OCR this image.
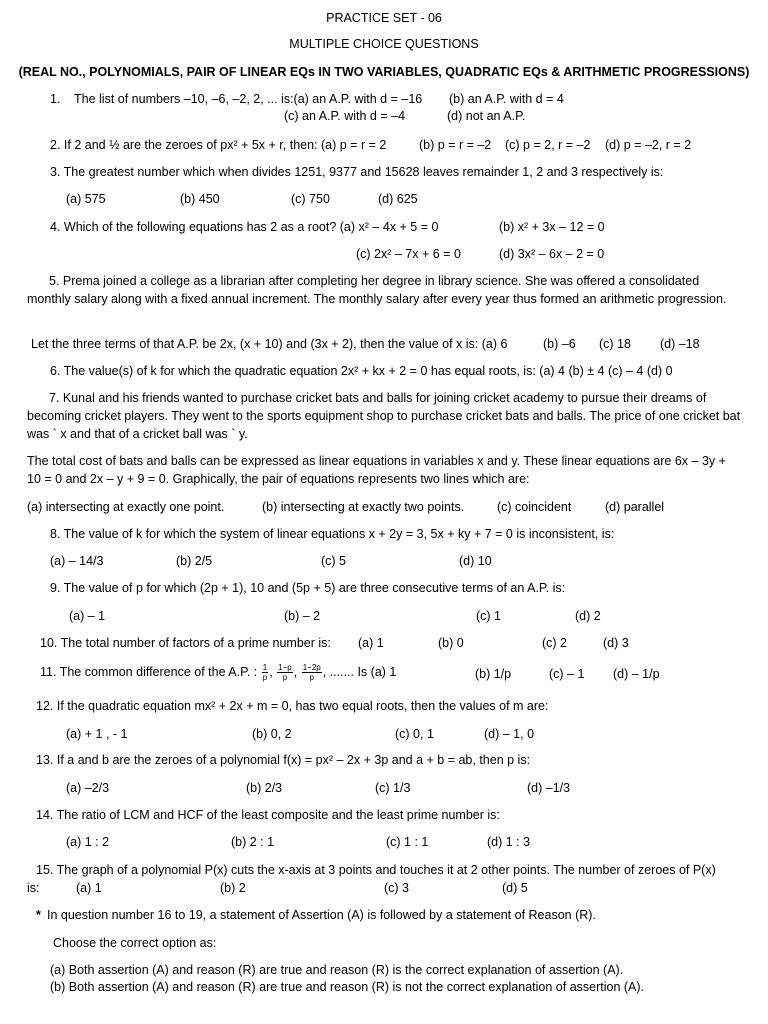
PRACTICE SET - 06
MULTIPLE CHOICE QUESTIONS
(REAL NO., POLYNOMIALS, PAIR OF LINEAR EQs IN TWO VARIABLES, QUADRATIC EQs & ARITHMETIC PROGRESSIONS)
1. The list of numbers –10, –6, –2, 2, ... is:(a) an A.P. with d = –16 (b) an A.P. with d = 4
(c) an A.P. with d = –4	(d) not an A.P.
2. If 2 and ½ are the zeroes of px² + 5x + r, then: (a) p = r = 2	(b) p = r = –2 (c) p = 2, r = –2 (d) p = –2, r = 2
3. The greatest number which when divides 1251, 9377 and 15628 leaves remainder 1, 2 and 3 respectively is:
(a) 575	(b) 450	(c) 750	(d) 625
4. Which of the following equations has 2 as a root? (a) x² – 4x + 5 = 0	(b) x² + 3x – 12 = 0
(c) 2x² – 7x + 6 = 0	(d) 3x² – 6x – 2 = 0
5. Prema joined a college as a librarian after completing her degree in library science. She was offered a consolidated monthly salary along with a fixed annual increment. The monthly salary after every year thus formed an arithmetic progression.
Let the three terms of that A.P. be 2x, (x + 10) and (3x + 2), then the value of x is: (a) 6	(b) –6 (c) 18 (d) –18
6. The value(s) of k for which the quadratic equation 2x² + kx + 2 = 0 has equal roots, is: (a) 4 (b) ± 4 (c) – 4 (d) 0
7. Kunal and his friends wanted to purchase cricket bats and balls for joining cricket academy to pursue their dreams of becoming cricket players. They went to the sports equipment shop to purchase cricket bats and balls. The price of one cricket bat was ` x and that of a cricket ball was ` y.
The total cost of bats and balls can be expressed as linear equations in variables x and y. These linear equations are 6x – 3y + 10 = 0 and 2x – y + 9 = 0. Graphically, the pair of equations represents two lines which are:
(a) intersecting at exactly one point.	(b) intersecting at exactly two points.	(c) coincident	(d) parallel
8. The value of k for which the system of linear equations x + 2y = 3, 5x + ky + 7 = 0 is inconsistent, is:
(a) – 14/3	(b) 2/5	(c) 5	(d) 10
9. The value of p for which (2p + 1), 10 and (5p + 5) are three consecutive terms of an A.P. is:
(a) – 1	(b) – 2	(c) 1	(d) 2
10. The total number of factors of a prime number is: (a) 1	(b) 0	(c) 2	(d) 3
11. The common difference of the A.P. : $\frac{1}{p}$ , $\frac{1-p}{p}$ , $\frac{1-2p}{p}$ , ....... Is (a) 1	(b) 1/p	(c) – 1 (d) – 1/p
12. If the quadratic equation mx² + 2x + m = 0, has two equal roots, then the values of m are:
(a) + 1 , - 1	(b) 0, 2	(c) 0, 1	(d) – 1, 0
13. If a and b are the zeroes of a polynomial f(x) = px² – 2x + 3p and a + b = ab, then p is:
(a) –2/3	(b) 2/3	(c) 1/3	(d) –1/3
14. The ratio of LCM and HCF of the least composite and the least prime number is:
(a) 1 : 2	(b) 2 : 1	(c) 1 : 1	(d) 1 : 3
15. The graph of a polynomial P(x) cuts the x-axis at 3 points and touches it at 2 other points. The number of zeroes of P(x)
is:	(a) 1	(b) 2	(c) 3	(d) 5
* In question number 16 to 19, a statement of Assertion (A) is followed by a statement of Reason (R).
Choose the correct option as:
(a) Both assertion (A) and reason (R) are true and reason (R) is the correct explanation of assertion (A).
(b) Both assertion (A) and reason (R) are true and reason (R) is not the correct explanation of assertion (A).
